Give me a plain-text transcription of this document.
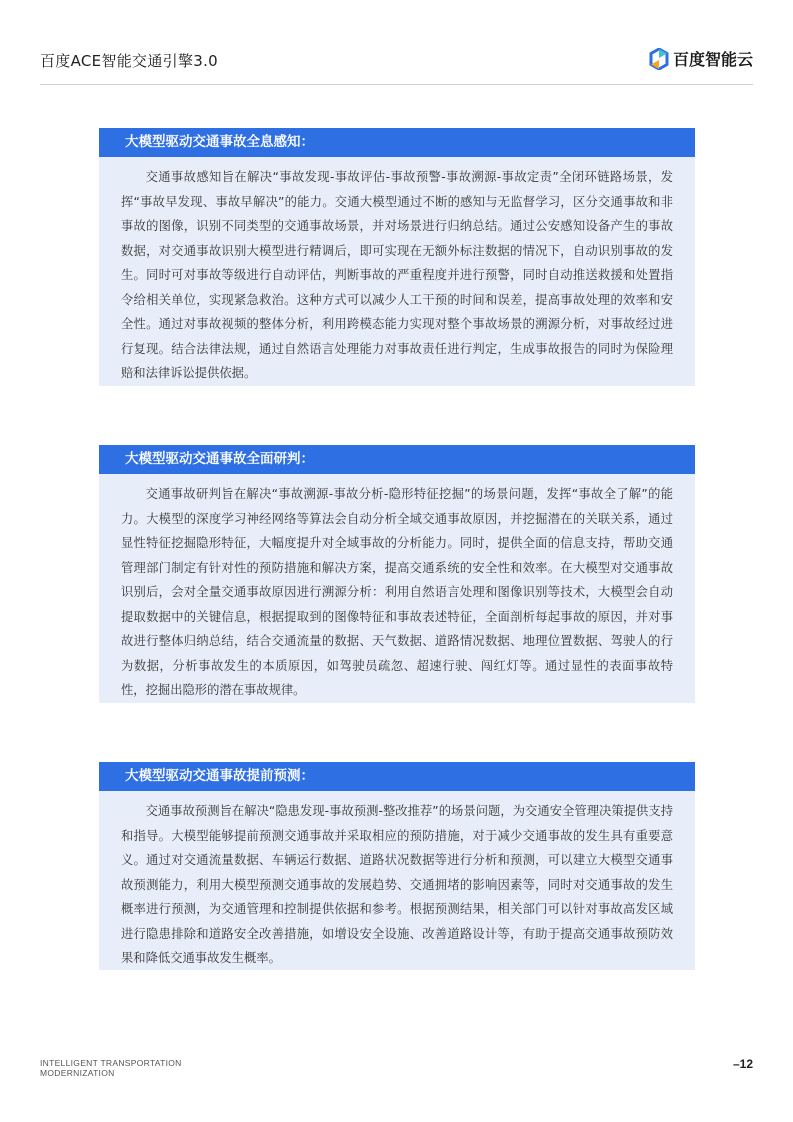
百度ACE智能交通引擎3.0	百度智能云
大模型驱动交通事故全息感知：

交通事故感知旨在解决“事故发现-事故评估-事故预警-事故溯源-事故定责”全闭环链路场景，发挥“事故早发现、事故早解决”的能力。交通大模型通过不断的感知与无监督学习，区分交通事故和非事故的图像，识别不同类型的交通事故场景，并对场景进行归纳总结。通过公安感知设备产生的事故数据，对交通事故识别大模型进行精调后，即可实现在无额外标注数据的情况下，自动识别事故的发生。同时可对事故等级进行自动评估，判断事故的严重程度并进行预警，同时自动推送救援和处置指令给相关单位，实现紧急救治。这种方式可以减少人工干预的时间和误差，提高事故处理的效率和安全性。通过对事故视频的整体分析，利用跨模态能力实现对整个事故场景的溯源分析，对事故经过进行复现。结合法律法规，通过自然语言处理能力对事故责任进行判定，生成事故报告的同时为保险理赔和法律诉讼提供依据。

大模型驱动交通事故全面研判：

交通事故研判旨在解决“事故溯源-事故分析-隐形特征挖掘”的场景问题，发挥“事故全了解”的能力。大模型的深度学习神经网络等算法会自动分析全域交通事故原因，并挖掘潜在的关联关系，通过显性特征挖掘隐形特征，大幅度提升对全域事故的分析能力。同时，提供全面的信息支持，帮助交通管理部门制定有针对性的预防措施和解决方案，提高交通系统的安全性和效率。在大模型对交通事故识别后，会对全量交通事故原因进行溯源分析：利用自然语言处理和图像识别等技术，大模型会自动提取数据中的关键信息，根据提取到的图像特征和事故表述特征，全面剖析每起事故的原因，并对事故进行整体归纳总结，结合交通流量的数据、天气数据、道路情况数据、地理位置数据、驾驶人的行为数据，分析事故发生的本质原因，如驾驶员疏忽、超速行驶、闯红灯等。通过显性的表面事故特性，挖掘出隐形的潜在事故规律。

大模型驱动交通事故提前预测：

交通事故预测旨在解决“隐患发现-事故预测-整改推荐”的场景问题，为交通安全管理决策提供支持和指导。大模型能够提前预测交通事故并采取相应的预防措施，对于减少交通事故的发生具有重要意义。通过对交通流量数据、车辆运行数据、道路状况数据等进行分析和预测，可以建立大模型交通事故预测能力，利用大模型预测交通事故的发展趋势、交通拥堵的影响因素等，同时对交通事故的发生概率进行预测，为交通管理和控制提供依据和参考。根据预测结果，相关部门可以针对事故高发区域进行隐患排除和道路安全改善措施，如增设安全设施、改善道路设计等，有助于提高交通事故预防效果和降低交通事故发生概率。

INTELLIGENT TRANSPORTATION
MODERNIZATION
–12
